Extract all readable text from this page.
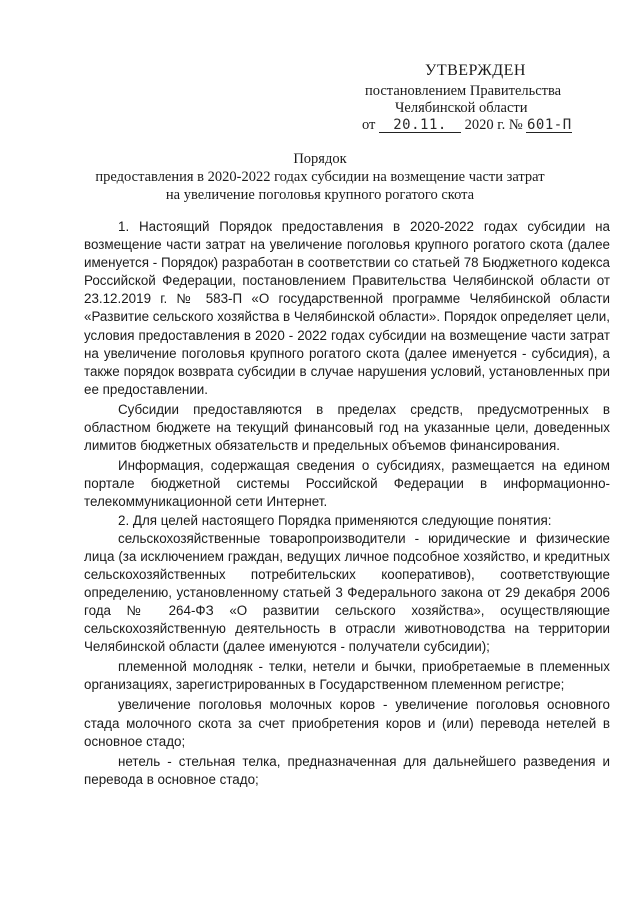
УТВЕРЖДЕН
постановлением Правительства
Челябинской области
от 20.11. 2020 г. № 601-П
Порядок
предоставления в 2020-2022 годах субсидии на возмещение части затрат
на увеличение поголовья крупного рогатого скота

1. Настоящий Порядок предоставления в 2020-2022 годах субсидии на возмещение части затрат на увеличение поголовья крупного рогатого скота (далее именуется - Порядок) разработан в соответствии со статьей 78 Бюджетного кодекса Российской Федерации, постановлением Правительства Челябинской области от 23.12.2019 г. № 583-П «О государственной программе Челябинской области «Развитие сельского хозяйства в Челябинской области». Порядок определяет цели, условия предоставления в 2020 - 2022 годах субсидии на возмещение части затрат на увеличение поголовья крупного рогатого скота (далее именуется - субсидия), а также порядок возврата субсидии в случае нарушения условий, установленных при ее предоставлении.

Субсидии предоставляются в пределах средств, предусмотренных в областном бюджете на текущий финансовый год на указанные цели, доведенных лимитов бюджетных обязательств и предельных объемов финансирования.

Информация, содержащая сведения о субсидиях, размещается на едином портале бюджетной системы Российской Федерации в информационно-телекоммуникационной сети Интернет.

2. Для целей настоящего Порядка применяются следующие понятия:

сельскохозяйственные товаропроизводители - юридические и физические лица (за исключением граждан, ведущих личное подсобное хозяйство, и кредитных сельскохозяйственных потребительских кооперативов), соответствующие определению, установленному статьей 3 Федерального закона от 29 декабря 2006 года № 264-ФЗ «О развитии сельского хозяйства», осуществляющие сельскохозяйственную деятельность в отрасли животноводства на территории Челябинской области (далее именуются - получатели субсидии);

племенной молодняк - телки, нетели и бычки, приобретаемые в племенных организациях, зарегистрированных в Государственном племенном регистре;

увеличение поголовья молочных коров - увеличение поголовья основного стада молочного скота за счет приобретения коров и (или) перевода нетелей в основное стадо;

нетель - стельная телка, предназначенная для дальнейшего разведения и перевода в основное стадо;
